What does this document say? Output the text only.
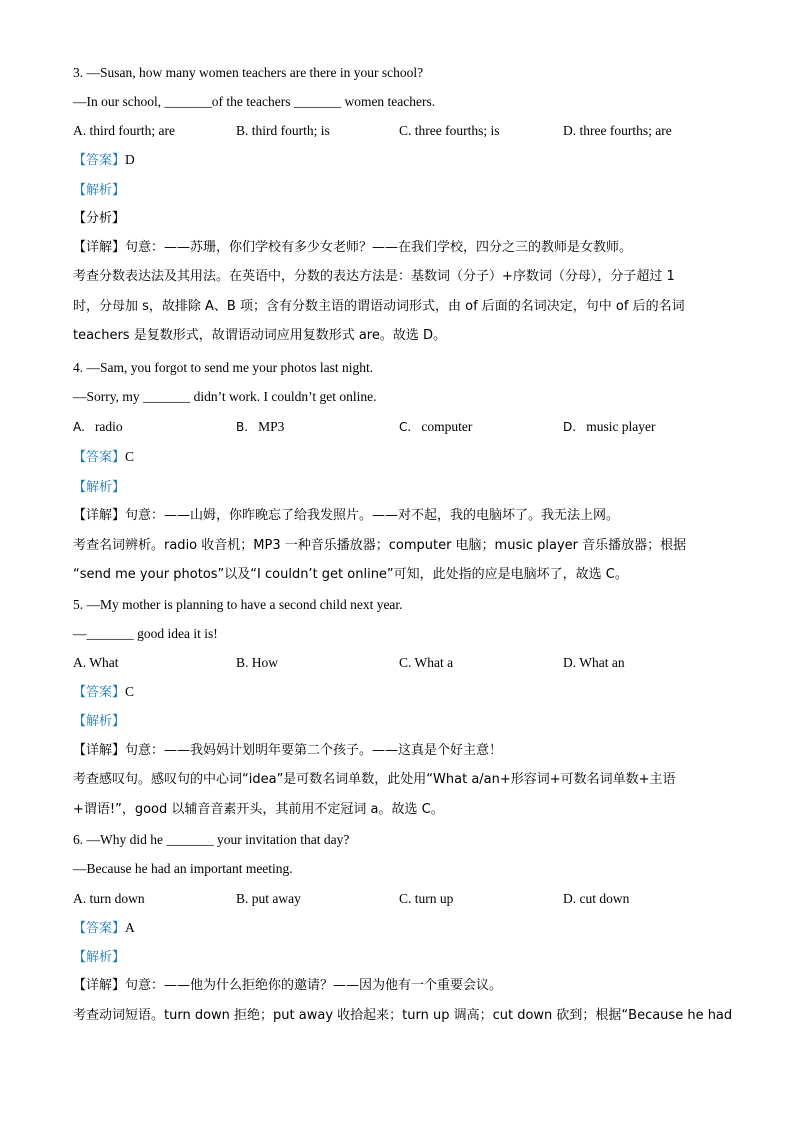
3. —Susan, how many women teachers are there in your school?
—In our school, _______of the teachers _______ women teachers.
A. third fourth; are	B. third fourth; is	C. three fourths; is	D. three fourths; are
【答案】D
【解析】
【分析】
【详解】句意：——苏珊，你们学校有多少女老师？——在我们学校，四分之三的教师是女教师。
考查分数表达法及其用法。在英语中，分数的表达方法是：基数词（分子）+序数词（分母），分子超过 1
时，分母加 s，故排除 A、B 项；含有分数主语的谓语动词形式，由 of 后面的名词决定，句中 of 后的名词
teachers 是复数形式，故谓语动词应用复数形式 are。故选 D。
4. —Sam, you forgot to send me your photos last night.
—Sorry, my _______ didn’t work. I couldn’t get online.
A. radio	B. MP3	C. computer	D. music player
【答案】C
【解析】
【详解】句意：——山姆，你昨晚忘了给我发照片。——对不起，我的电脑坏了。我无法上网。
考查名词辨析。radio 收音机；MP3 一种音乐播放器；computer 电脑；music player 音乐播放器；根据
“send me your photos”以及“I couldn’t get online”可知，此处指的应是电脑坏了，故选 C。
5. —My mother is planning to have a second child next year.
—_______ good idea it is!
A. What	B. How	C. What a	D. What an
【答案】C
【解析】
【详解】句意：——我妈妈计划明年要第二个孩子。——这真是个好主意！
考查感叹句。感叹句的中心词“idea”是可数名词单数，此处用“What a/an+形容词+可数名词单数+主语
+谓语!”，good 以辅音音素开头，其前用不定冠词 a。故选 C。
6. —Why did he _______ your invitation that day?
—Because he had an important meeting.
A. turn down	B. put away	C. turn up	D. cut down
【答案】A
【解析】
【详解】句意：——他为什么拒绝你的邀请？——因为他有一个重要会议。
考查动词短语。turn down 拒绝；put away 收拾起来；turn up 调高；cut down 砍到；根据“Because he had
